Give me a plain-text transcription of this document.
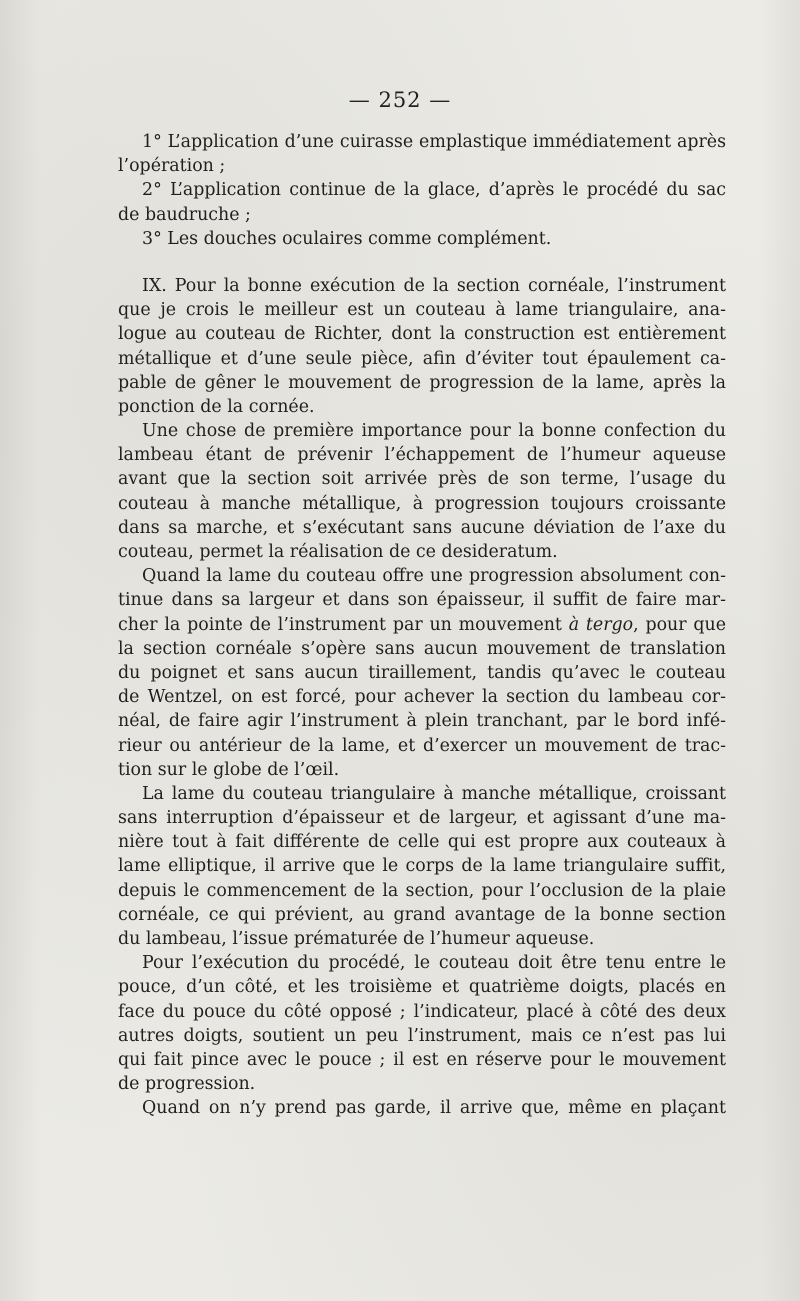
— 252 —
1° L’application d’une cuirasse emplastique immédiatement après
l’opération ;
2° L’application continue de la glace, d’après le procédé du sac
de baudruche ;
3° Les douches oculaires comme complément.
IX. Pour la bonne exécution de la section cornéale, l’instrument
que je crois le meilleur est un couteau à lame triangulaire, ana-
logue au couteau de Richter, dont la construction est entièrement
métallique et d’une seule pièce, afin d’éviter tout épaulement ca-
pable de gêner le mouvement de progression de la lame, après la
ponction de la cornée.
Une chose de première importance pour la bonne confection du
lambeau étant de prévenir l’échappement de l’humeur aqueuse
avant que la section soit arrivée près de son terme, l’usage du
couteau à manche métallique, à progression toujours croissante
dans sa marche, et s’exécutant sans aucune déviation de l’axe du
couteau, permet la réalisation de ce desideratum.
Quand la lame du couteau offre une progression absolument con-
tinue dans sa largeur et dans son épaisseur, il suffit de faire mar-
cher la pointe de l’instrument par un mouvement à tergo, pour que
la section cornéale s’opère sans aucun mouvement de translation
du poignet et sans aucun tiraillement, tandis qu’avec le couteau
de Wentzel, on est forcé, pour achever la section du lambeau cor-
néal, de faire agir l’instrument à plein tranchant, par le bord infé-
rieur ou antérieur de la lame, et d’exercer un mouvement de trac-
tion sur le globe de l’œil.
La lame du couteau triangulaire à manche métallique, croissant
sans interruption d’épaisseur et de largeur, et agissant d’une ma-
nière tout à fait différente de celle qui est propre aux couteaux à
lame elliptique, il arrive que le corps de la lame triangulaire suffit,
depuis le commencement de la section, pour l’occlusion de la plaie
cornéale, ce qui prévient, au grand avantage de la bonne section
du lambeau, l’issue prématurée de l’humeur aqueuse.
Pour l’exécution du procédé, le couteau doit être tenu entre le
pouce, d’un côté, et les troisième et quatrième doigts, placés en
face du pouce du côté opposé ; l’indicateur, placé à côté des deux
autres doigts, soutient un peu l’instrument, mais ce n’est pas lui
qui fait pince avec le pouce ; il est en réserve pour le mouvement
de progression.
Quand on n’y prend pas garde, il arrive que, même en plaçant
